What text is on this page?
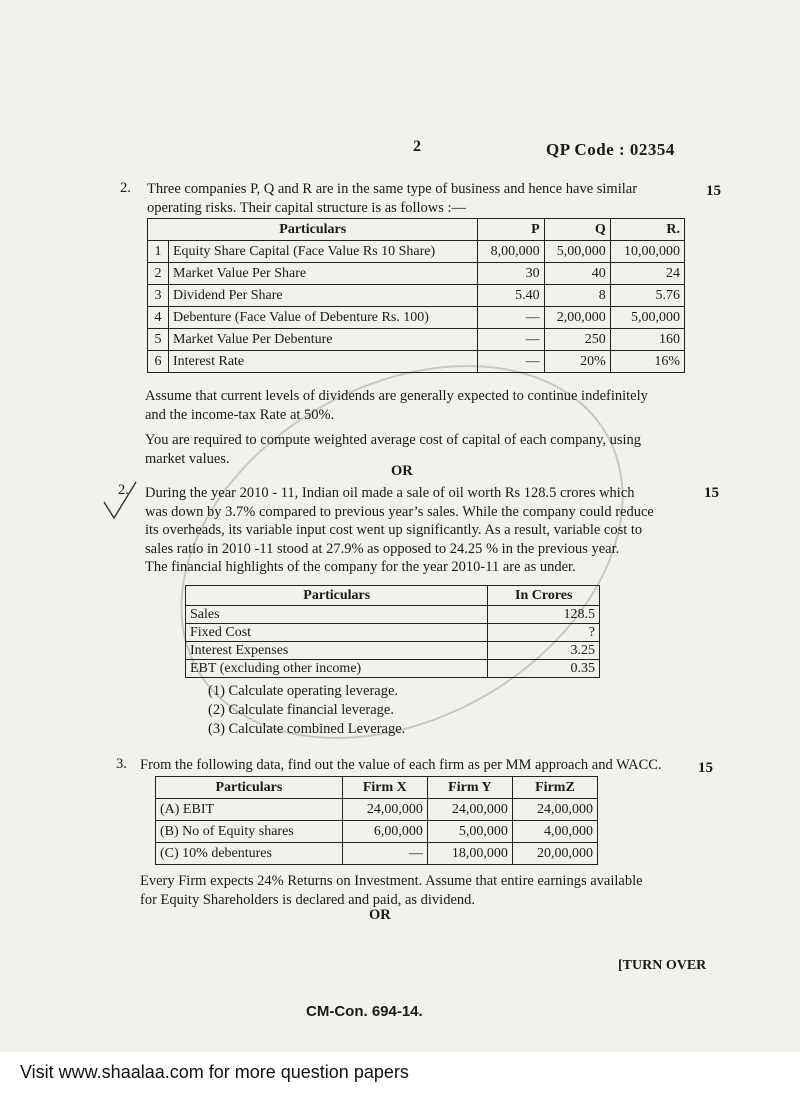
2	QP Code : 02354
2. Three companies P, Q and R are in the same type of business and hence have similar
operating risks. Their capital structure is as follows :—
15
Particulars		P	Q	R.
1	Equity Share Capital (Face Value Rs 10 Share)	8,00,000	5,00,000	10,00,000
2	Market Value Per Share	30	40	24
3	Dividend Per Share	5.40	8	5.76
4	Debenture (Face Value of Debenture Rs. 100)	—	2,00,000	5,00,000
5	Market Value Per Debenture	—	250	160
6	Interest Rate	—	20%	16%
Assume that current levels of dividends are generally expected to continue indefinitely
and the income-tax Rate at 50%.
You are required to compute weighted average cost of capital of each company, using
market values.
OR
2. During the year 2010 - 11, Indian oil made a sale of oil worth Rs 128.5 crores which
was down by 3.7% compared to previous year’s sales. While the company could reduce
its overheads, its variable input cost went up significantly. As a result, variable cost to
sales ratio in 2010 -11 stood at 27.9% as opposed to 24.25 % in the previous year.
The financial highlights of the company for the year 2010-11 are as under.
15
Particulars	In Crores
Sales	128.5
Fixed Cost	?
Interest Expenses	3.25
EBT (excluding other income)	0.35
(1) Calculate operating leverage.
(2) Calculate financial leverage.
(3) Calculate combined Leverage.
3. From the following data, find out the value of each firm as per MM approach and WACC. 15
Particulars	Firm X	Firm Y	FirmZ
(A) EBIT	24,00,000	24,00,000	24,00,000
(B) No of Equity shares	6,00,000	5,00,000	4,00,000
(C) 10% debentures	—	18,00,000	20,00,000
Every Firm expects 24% Returns on Investment. Assume that entire earnings available
for Equity Shareholders is declared and paid, as dividend.
OR
[TURN OVER
CM-Con. 694-14.
Visit www.shaalaa.com for more question papers
